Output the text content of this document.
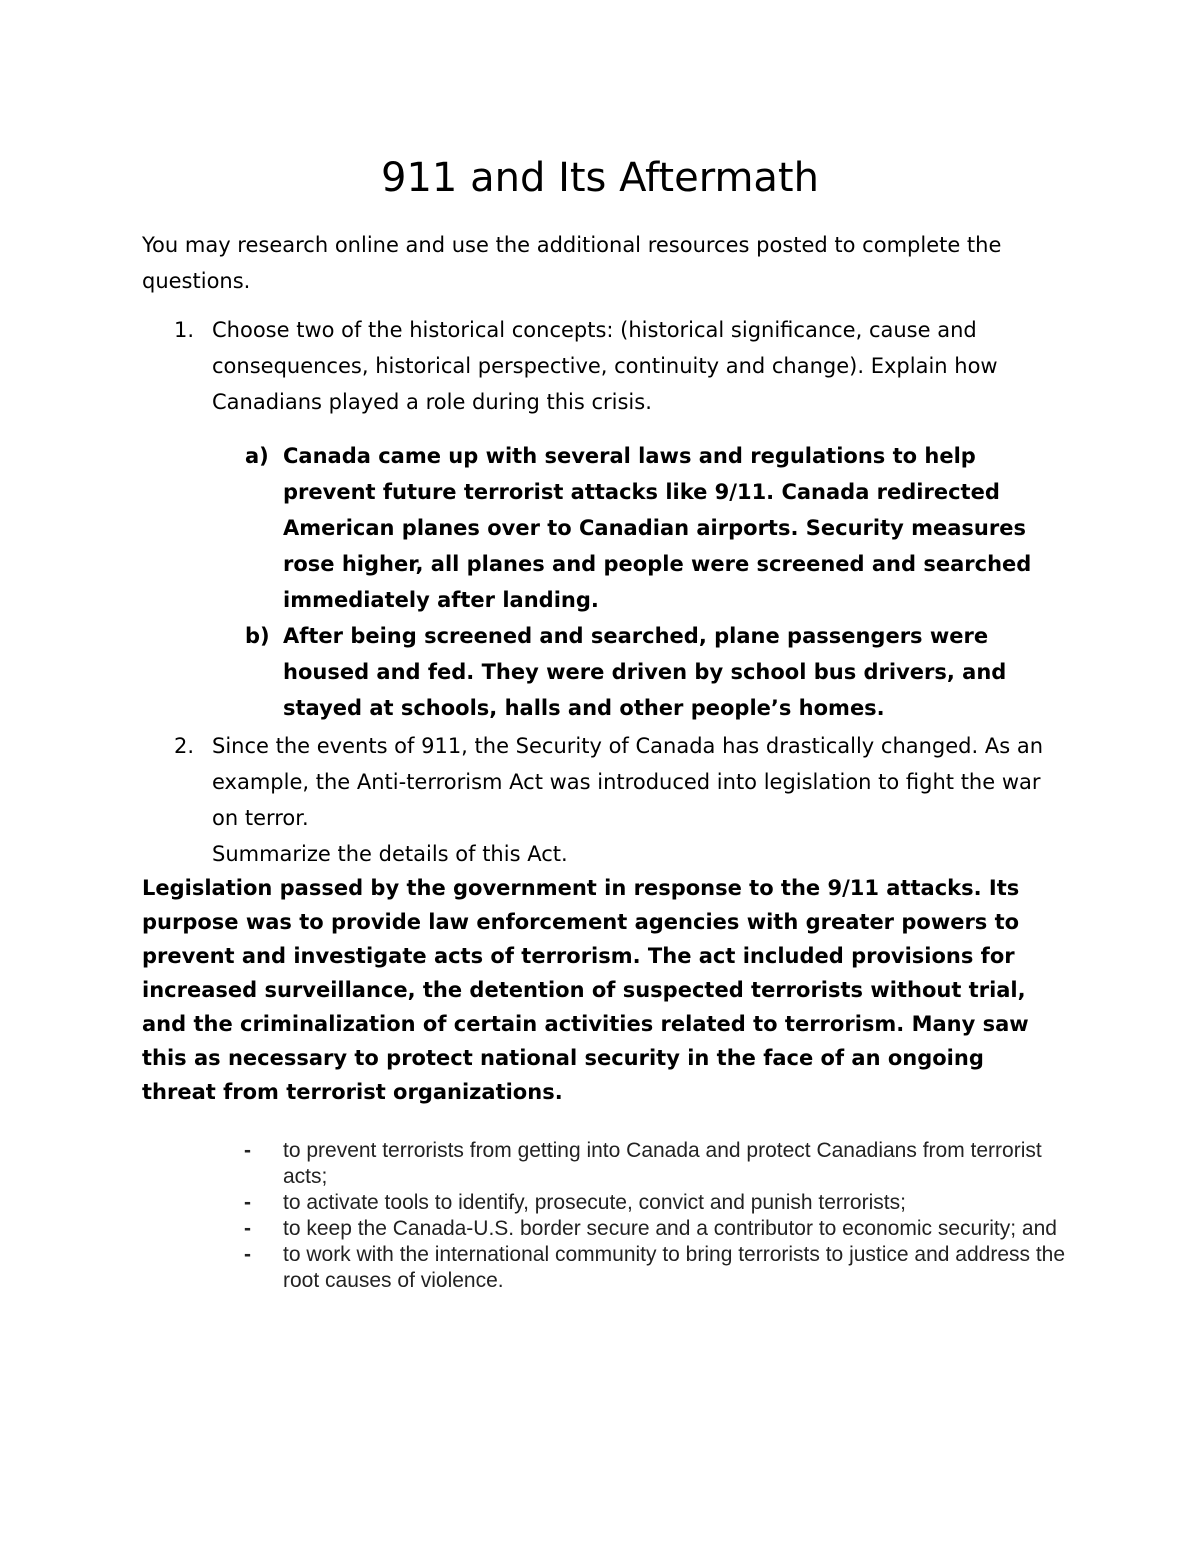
911 and Its Aftermath

You may research online and use the additional resources posted to complete the questions.

1. Choose two of the historical concepts: (historical significance, cause and consequences, historical perspective, continuity and change). Explain how Canadians played a role during this crisis.
a) Canada came up with several laws and regulations to help prevent future terrorist attacks like 9/11. Canada redirected American planes over to Canadian airports. Security measures rose higher, all planes and people were screened and searched immediately after landing.
b) After being screened and searched, plane passengers were housed and fed. They were driven by school bus drivers, and stayed at schools, halls and other people’s homes.
2. Since the events of 911, the Security of Canada has drastically changed. As an example, the Anti-terrorism Act was introduced into legislation to fight the war on terror.
Summarize the details of this Act.

Legislation passed by the government in response to the 9/11 attacks. Its purpose was to provide law enforcement agencies with greater powers to prevent and investigate acts of terrorism. The act included provisions for increased surveillance, the detention of suspected terrorists without trial, and the criminalization of certain activities related to terrorism. Many saw this as necessary to protect national security in the face of an ongoing threat from terrorist organizations.

- to prevent terrorists from getting into Canada and protect Canadians from terrorist acts;
- to activate tools to identify, prosecute, convict and punish terrorists;
- to keep the Canada-U.S. border secure and a contributor to economic security; and
- to work with the international community to bring terrorists to justice and address the root causes of violence.
